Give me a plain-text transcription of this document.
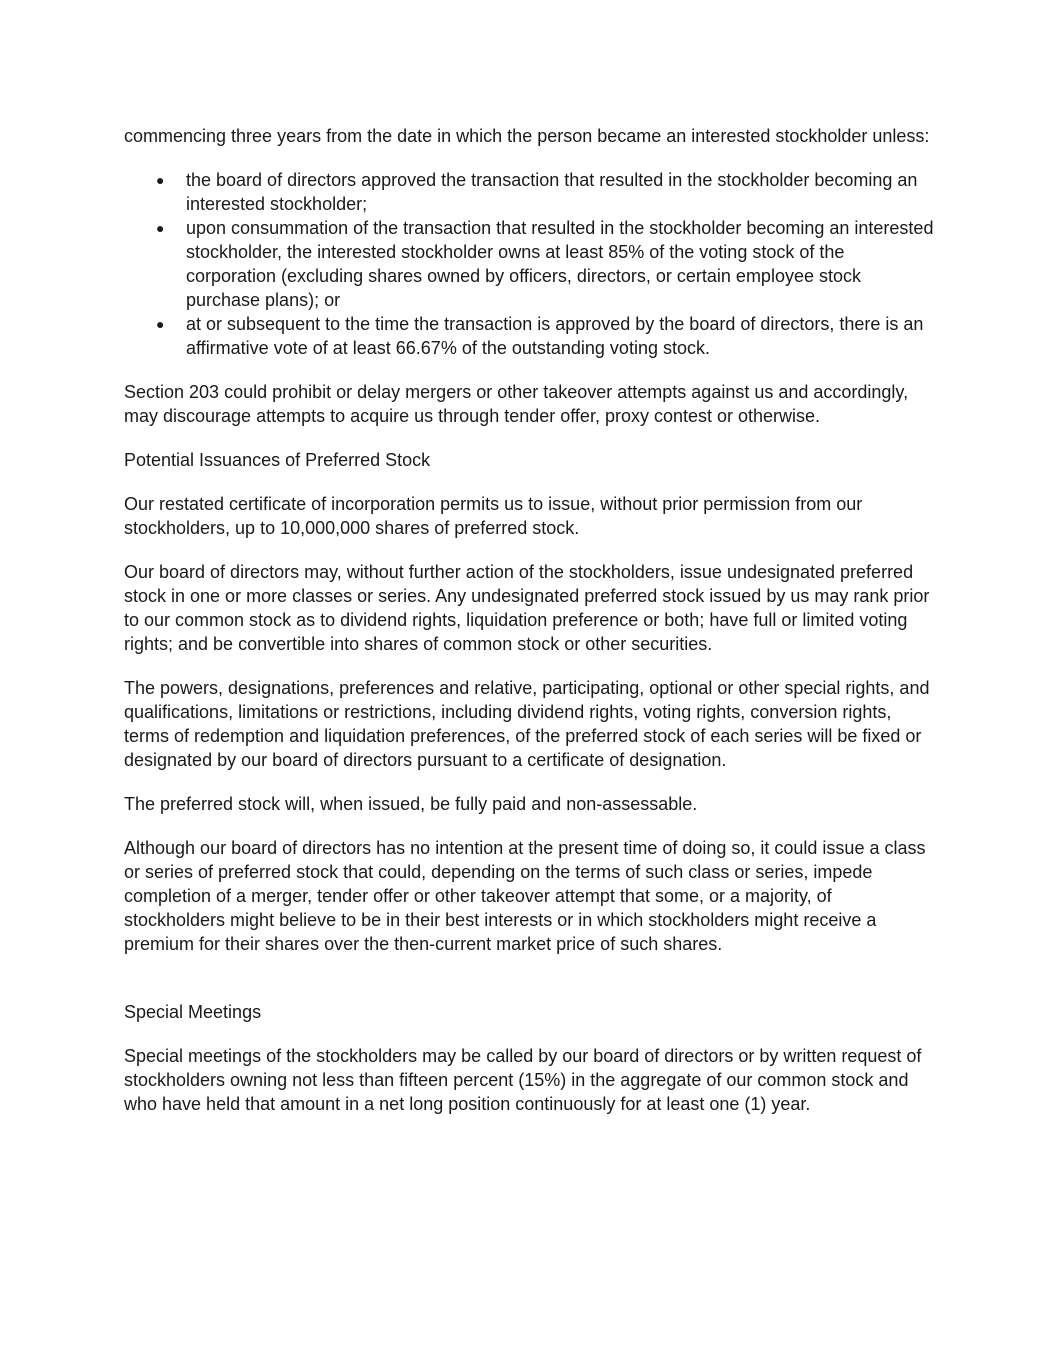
commencing three years from the date in which the person became an interested stockholder unless:

● the board of directors approved the transaction that resulted in the stockholder becoming an interested stockholder;
● upon consummation of the transaction that resulted in the stockholder becoming an interested stockholder, the interested stockholder owns at least 85% of the voting stock of the corporation (excluding shares owned by officers, directors, or certain employee stock purchase plans); or
● at or subsequent to the time the transaction is approved by the board of directors, there is an affirmative vote of at least 66.67% of the outstanding voting stock.

Section 203 could prohibit or delay mergers or other takeover attempts against us and accordingly, may discourage attempts to acquire us through tender offer, proxy contest or otherwise.

Potential Issuances of Preferred Stock

Our restated certificate of incorporation permits us to issue, without prior permission from our stockholders, up to 10,000,000 shares of preferred stock.

Our board of directors may, without further action of the stockholders, issue undesignated preferred stock in one or more classes or series. Any undesignated preferred stock issued by us may rank prior to our common stock as to dividend rights, liquidation preference or both; have full or limited voting rights; and be convertible into shares of common stock or other securities.

The powers, designations, preferences and relative, participating, optional or other special rights, and qualifications, limitations or restrictions, including dividend rights, voting rights, conversion rights, terms of redemption and liquidation preferences, of the preferred stock of each series will be fixed or designated by our board of directors pursuant to a certificate of designation.

The preferred stock will, when issued, be fully paid and non-assessable.

Although our board of directors has no intention at the present time of doing so, it could issue a class or series of preferred stock that could, depending on the terms of such class or series, impede completion of a merger, tender offer or other takeover attempt that some, or a majority, of stockholders might believe to be in their best interests or in which stockholders might receive a premium for their shares over the then-current market price of such shares.

Special Meetings

Special meetings of the stockholders may be called by our board of directors or by written request of stockholders owning not less than fifteen percent (15%) in the aggregate of our common stock and who have held that amount in a net long position continuously for at least one (1) year.
